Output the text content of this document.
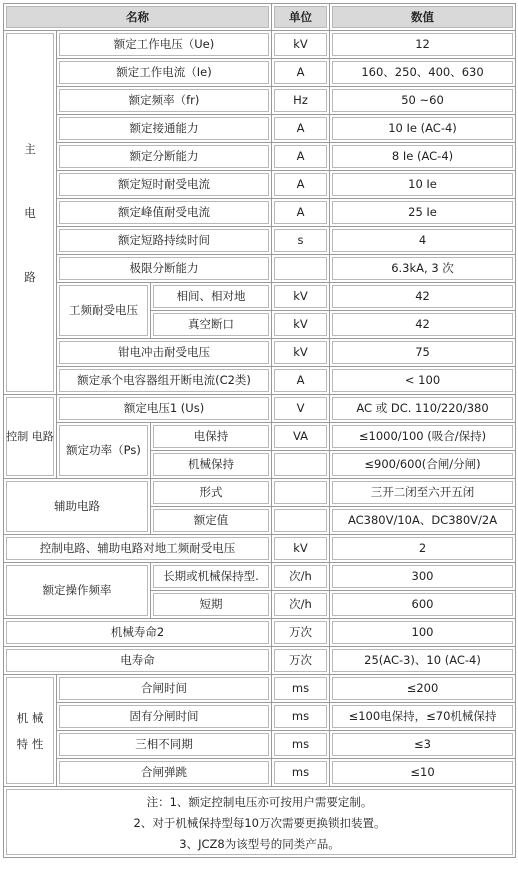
名称			单位	数值
主
电
路	额定工作电压（Ue)		kV	12
	额定工作电流（Ie)		A	160、250、400、630
	额定频率（fr)		Hz	50 ~60
	额定接通能力		A	10 Ie (AC-4)
	额定分断能力		A	8 Ie (AC-4)
	额定短时耐受电流		A	10 Ie
	额定峰值耐受电流		A	25 Ie
	额定短路持续时间		s	4
	极限分断能力			6.3kA, 3 次
	工频耐受电压	相间、相对地	kV	42
		真空断口	kV	42
	钳电冲击耐受电压		kV	75
	额定承个电容器组开断电流(C2类)		A	< 100
控制 电路	额定电压1 (Us)		V	AC 或 DC. 110/220/380
	额定功率（Ps)	电保持	VA	≤1000/100 (吸合/保持)
		机械保持		≤900/600(合闸/分闸)
辅助电路		形式		三开二闭至六开五闭
		额定值		AC380V/10A、DC380V/2A
控制电路、辅助电路对地工频耐受电压			kV	2
额定操作频率		长期或机械保持型.	次/h	300
		短期	次/h	600
机械寿命2			万次	100
电寿命			万次	25(AC-3)、10 (AC-4)
机 械
特 性	合闸时间		ms	≤200
	固有分闸时间		ms	≤100电保持，≤70机械保持
	三相不同期		ms	≤3
	合闸弹跳		ms	≤10

注：1、额定控制电压亦可按用户需要定制。
2、对于机械保持型每10万次需要更换锁扣装置。
3、JCZ8为该型号的同类产品。				
